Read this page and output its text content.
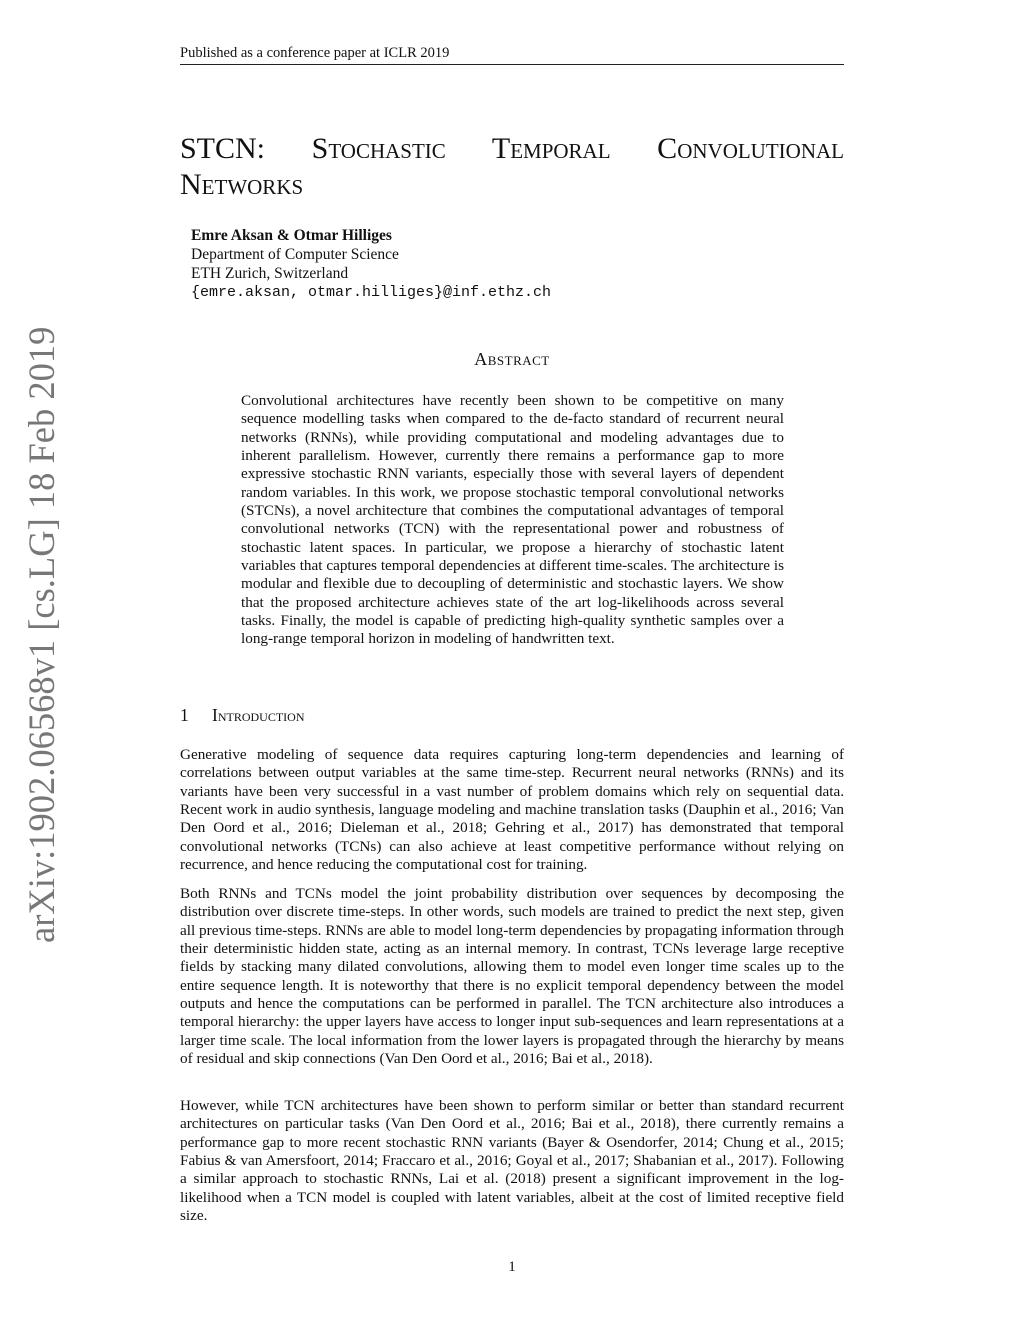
Published as a conference paper at ICLR 2019
arXiv:1902.06568v1 [cs.LG] 18 Feb 2019
STCN: Stochastic Temporal Convolutional
Networks
Emre Aksan & Otmar Hilliges
Department of Computer Science
ETH Zurich, Switzerland
{emre.aksan, otmar.hilliges}@inf.ethz.ch
Abstract
Convolutional architectures have recently been shown to be competitive on many sequence modelling tasks when compared to the de-facto standard of recurrent neural networks (RNNs), while providing computational and modeling advantages due to inherent parallelism. However, currently there remains a performance gap to more expressive stochastic RNN variants, especially those with several layers of dependent random variables. In this work, we propose stochastic temporal convolutional networks (STCNs), a novel architecture that combines the computational advantages of temporal convolutional networks (TCN) with the representational power and robustness of stochastic latent spaces. In particular, we propose a hierarchy of stochastic latent variables that captures temporal dependencies at different time-scales. The architecture is modular and flexible due to decoupling of deterministic and stochastic layers. We show that the proposed architecture achieves state of the art log-likelihoods across several tasks. Finally, the model is capable of predicting high-quality synthetic samples over a long-range temporal horizon in modeling of handwritten text.
1 Introduction

Generative modeling of sequence data requires capturing long-term dependencies and learning of correlations between output variables at the same time-step. Recurrent neural networks (RNNs) and its variants have been very successful in a vast number of problem domains which rely on sequential data. Recent work in audio synthesis, language modeling and machine translation tasks (Dauphin et al., 2016; Van Den Oord et al., 2016; Dieleman et al., 2018; Gehring et al., 2017) has demonstrated that temporal convolutional networks (TCNs) can also achieve at least competitive performance without relying on recurrence, and hence reducing the computational cost for training.

Both RNNs and TCNs model the joint probability distribution over sequences by decomposing the distribution over discrete time-steps. In other words, such models are trained to predict the next step, given all previous time-steps. RNNs are able to model long-term dependencies by propagating information through their deterministic hidden state, acting as an internal memory. In contrast, TCNs leverage large receptive fields by stacking many dilated convolutions, allowing them to model even longer time scales up to the entire sequence length. It is noteworthy that there is no explicit temporal dependency between the model outputs and hence the computations can be performed in parallel. The TCN architecture also introduces a temporal hierarchy: the upper layers have access to longer input sub-sequences and learn representations at a larger time scale. The local information from the lower layers is propagated through the hierarchy by means of residual and skip connections (Van Den Oord et al., 2016; Bai et al., 2018).

However, while TCN architectures have been shown to perform similar or better than standard recurrent architectures on particular tasks (Van Den Oord et al., 2016; Bai et al., 2018), there currently remains a performance gap to more recent stochastic RNN variants (Bayer & Osendorfer, 2014; Chung et al., 2015; Fabius & van Amersfoort, 2014; Fraccaro et al., 2016; Goyal et al., 2017; Shabanian et al., 2017). Following a similar approach to stochastic RNNs, Lai et al. (2018) present a significant improvement in the log-likelihood when a TCN model is coupled with latent variables, albeit at the cost of limited receptive field size.

1
